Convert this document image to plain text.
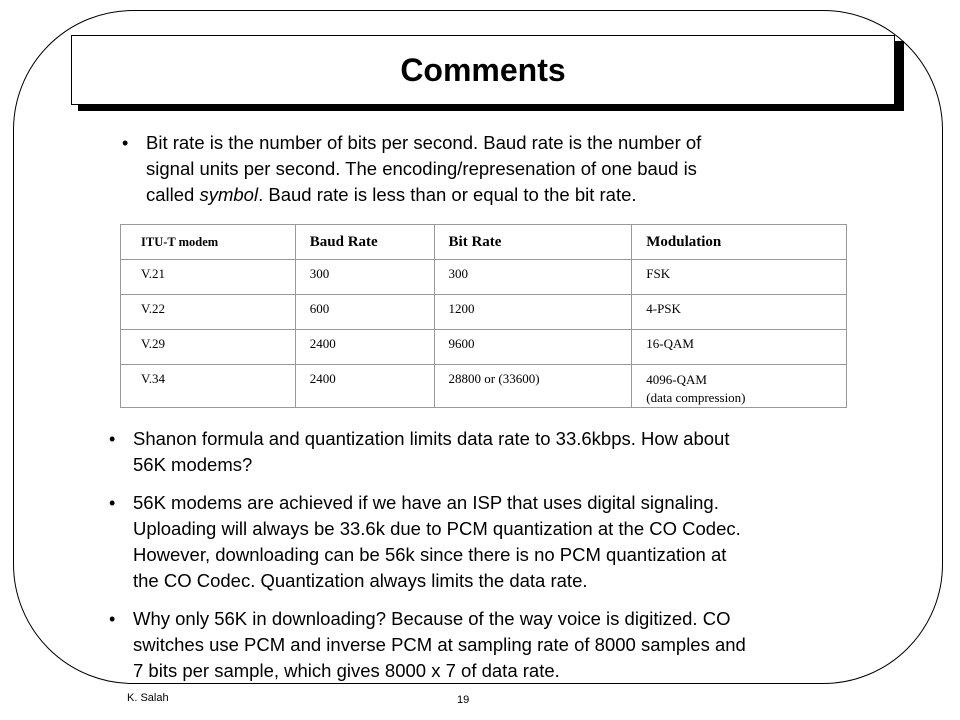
Comments
• Bit rate is the number of bits per second. Baud rate is the number of
signal units per second. The encoding/represenation of one baud is
called symbol. Baud rate is less than or equal to the bit rate.
ITU-T modem	Baud Rate	Bit Rate	Modulation
V.21	300	300	FSK
V.22	600	1200	4-PSK
V.29	2400	9600	16-QAM
V.34	2400	28800 or (33600)	4096-QAM
(data compression)
• Shanon formula and quantization limits data rate to 33.6kbps. How about
56K modems?
• 56K modems are achieved if we have an ISP that uses digital signaling.
Uploading will always be 33.6k due to PCM quantization at the CO Codec.
However, downloading can be 56k since there is no PCM quantization at
the CO Codec. Quantization always limits the data rate.
• Why only 56K in downloading? Because of the way voice is digitized. CO
switches use PCM and inverse PCM at sampling rate of 8000 samples and
7 bits per sample, which gives 8000 x 7 of data rate.
K. Salah	19
